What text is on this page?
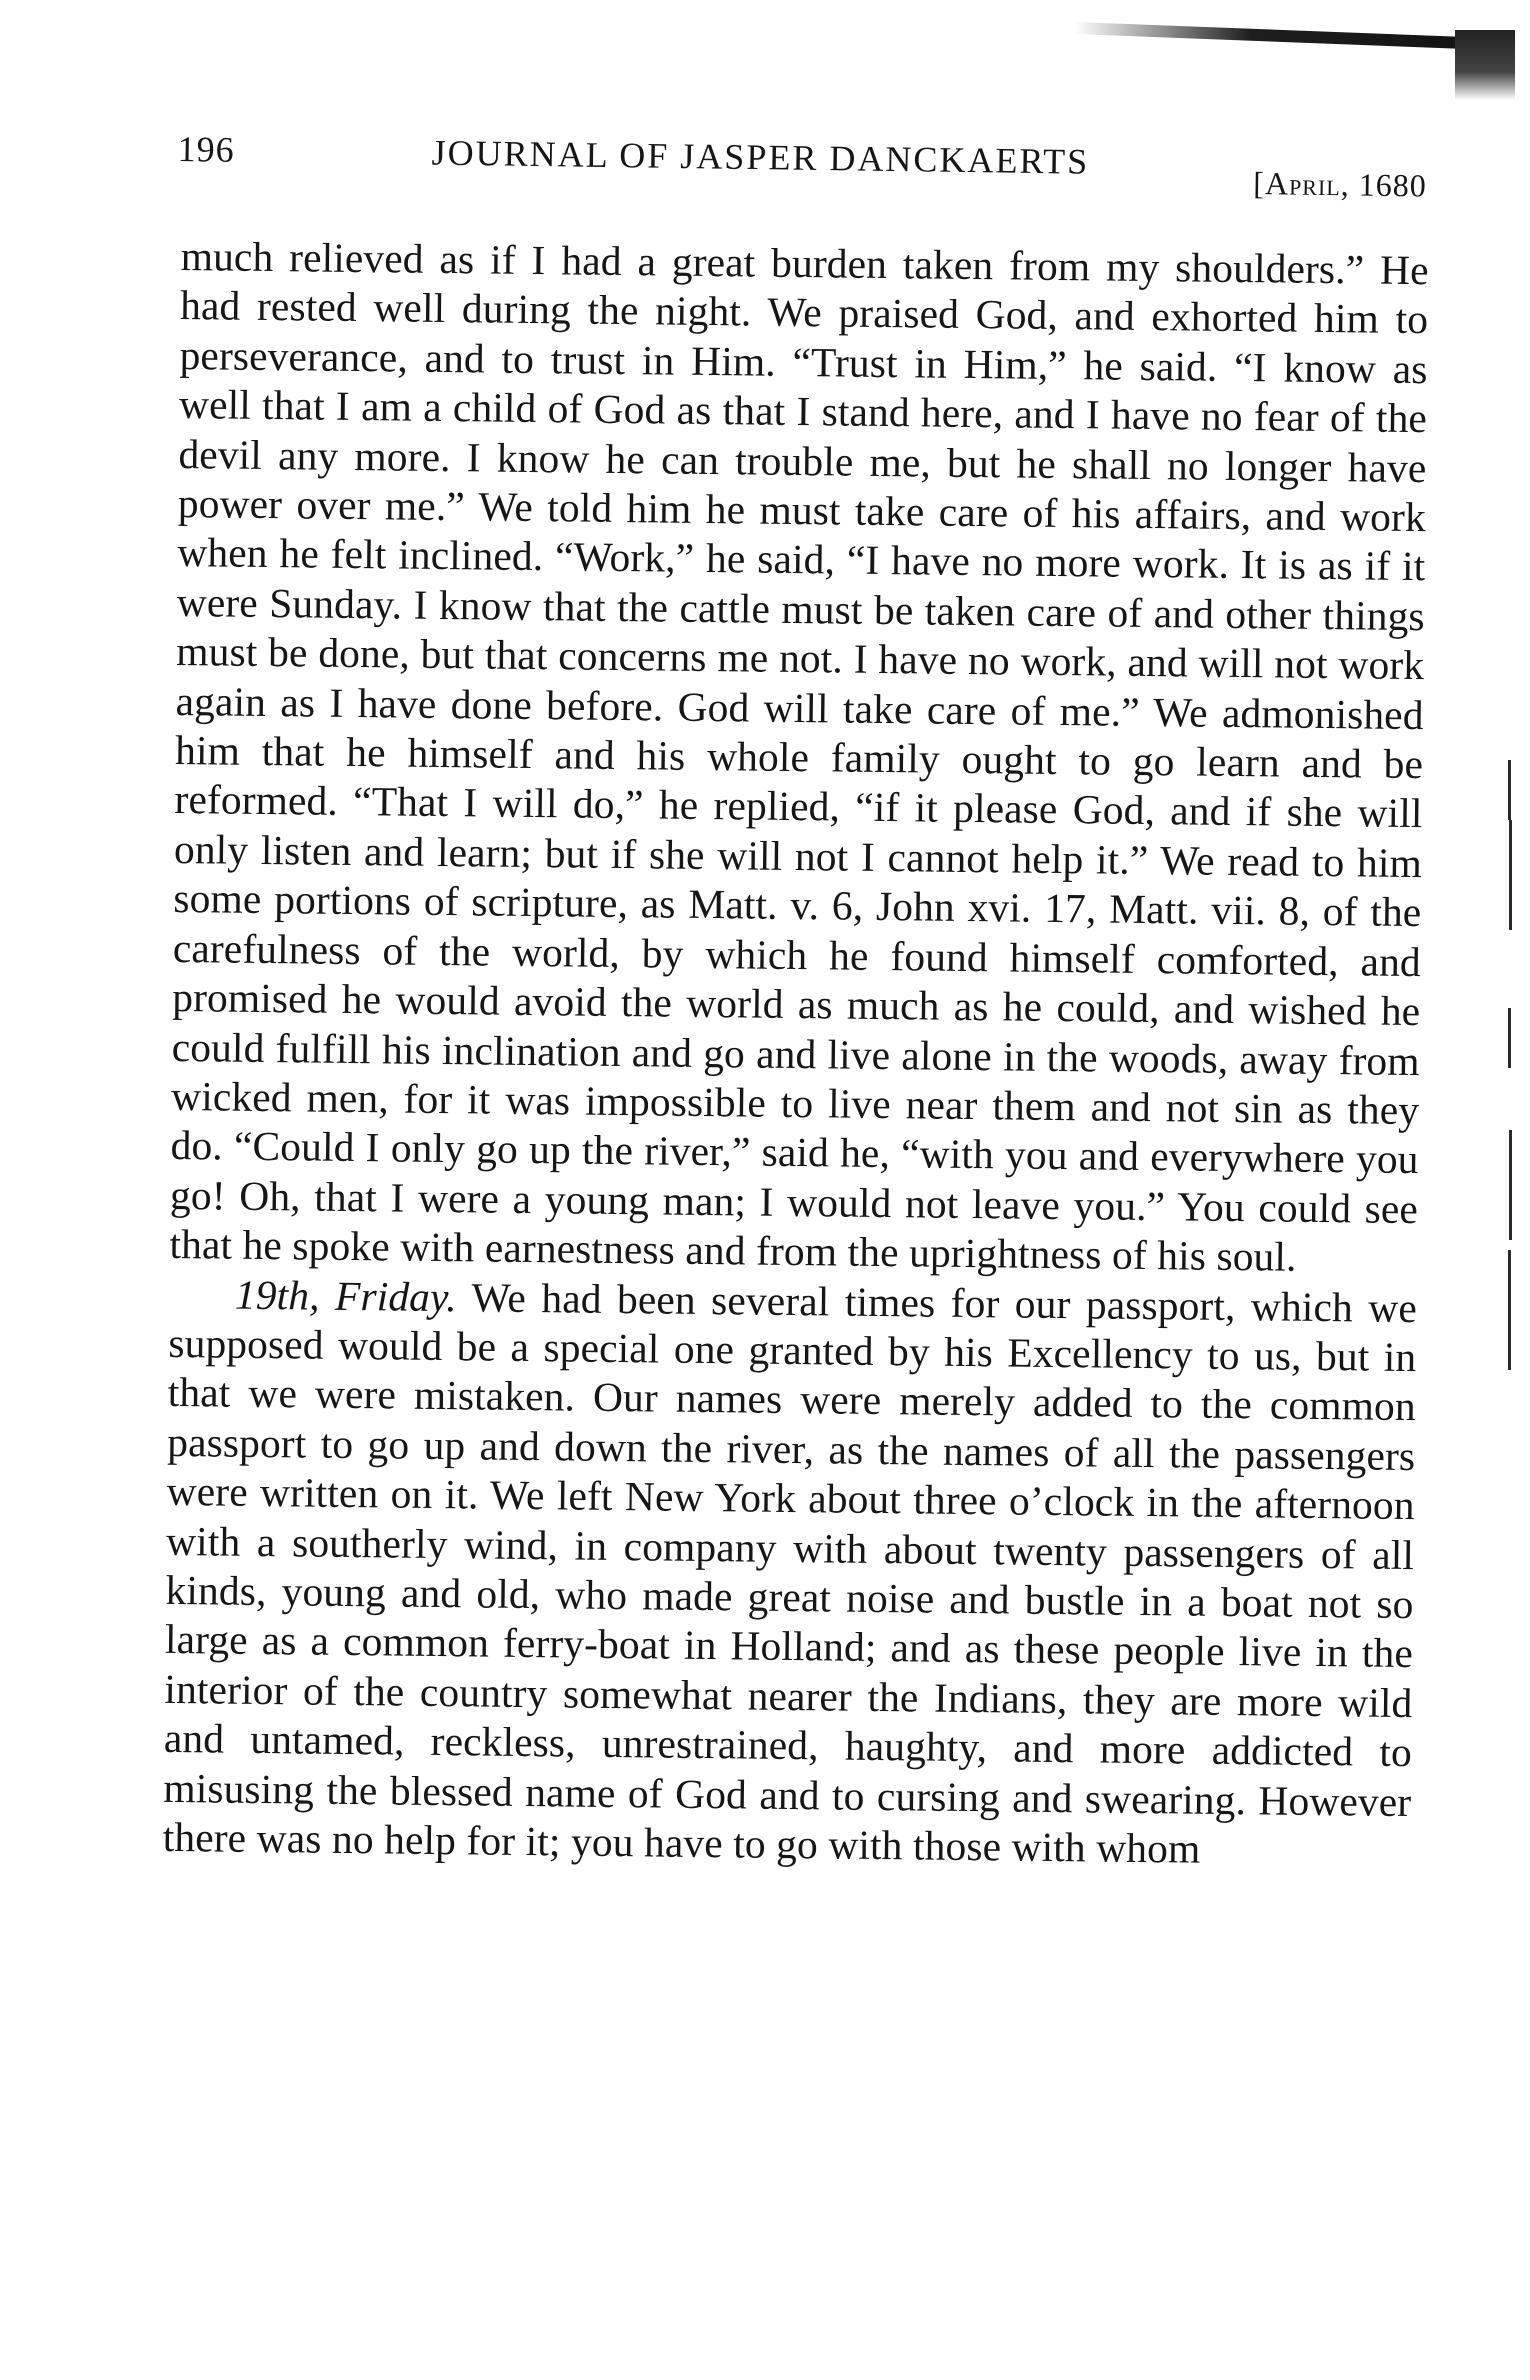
196	JOURNAL OF JASPER DANCKAERTS
[April, 1680

much relieved as if I had a great burden taken from my shoulders.” He had rested well during the night. We praised God, and exhorted him to perseverance, and to trust in Him. “Trust in Him,” he said. “I know as well that I am a child of God as that I stand here, and I have no fear of the devil any more. I know he can trouble me, but he shall no longer have power over me.” We told him he must take care of his affairs, and work when he felt inclined. “Work,” he said, “I have no more work. It is as if it were Sunday. I know that the cattle must be taken care of and other things must be done, but that concerns me not. I have no work, and will not work again as I have done before. God will take care of me.” We admonished him that he himself and his whole family ought to go learn and be reformed. “That I will do,” he replied, “if it please God, and if she will only listen and learn; but if she will not I cannot help it.” We read to him some portions of scripture, as Matt. v. 6, John xvi. 17, Matt. vii. 8, of the carefulness of the world, by which he found himself comforted, and promised he would avoid the world as much as he could, and wished he could fulfill his inclination and go and live alone in the woods, away from wicked men, for it was impossible to live near them and not sin as they do. “Could I only go up the river,” said he, “with you and everywhere you go! Oh, that I were a young man; I would not leave you.” You could see that he spoke with earnestness and from the uprightness of his soul.

19th, Friday. We had been several times for our passport, which we supposed would be a special one granted by his Excellency to us, but in that we were mistaken. Our names were merely added to the common passport to go up and down the river, as the names of all the passengers were written on it. We left New York about three o’clock in the afternoon with a southerly wind, in company with about twenty passengers of all kinds, young and old, who made great noise and bustle in a boat not so large as a common ferry-boat in Holland; and as these people live in the interior of the country somewhat nearer the Indians, they are more wild and untamed, reckless, unrestrained, haughty, and more addicted to misusing the blessed name of God and to cursing and swearing. However there was no help for it; you have to go with those with whom
